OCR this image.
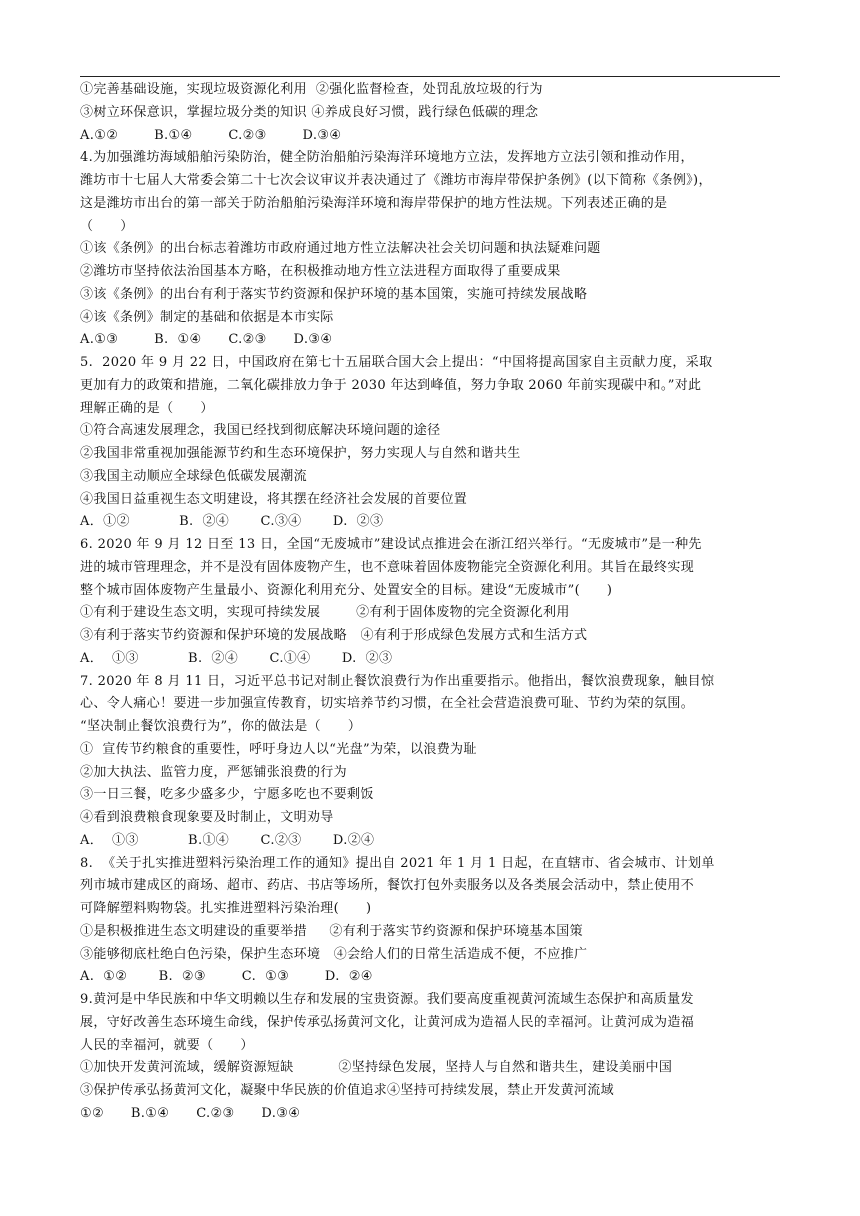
①完善基础设施，实现垃圾资源化利用  ②强化监督检查，处罚乱放垃圾的行为

③树立环保意识，掌握垃圾分类的知识 ④养成良好习惯，践行绿色低碳的理念

A.①②        B.①④        C.②③        D.③④

4.为加强潍坊海域船舶污染防治，健全防治船舶污染海洋环境地方立法，发挥地方立法引领和推动作用，

潍坊市十七届人大常委会第二十七次会议审议并表决通过了《潍坊市海岸带保护条例》(以下简称《条例》)，

这是潍坊市出台的第一部关于防治船舶污染海洋环境和海岸带保护的地方性法规。下列表述正确的是

（      ）

①该《条例》的出台标志着潍坊市政府通过地方性立法解决社会关切问题和执法疑难问题

②潍坊市坚持依法治国基本方略，在积极推动地方性立法进程方面取得了重要成果

③该《条例》的出台有利于落实节约资源和保护环境的基本国策，实施可持续发展战略

④该《条例》制定的基础和依据是本市实际

A.①③        B.  ①④      C.②③      D.③④

5.  2020 年 9 月 22 日，中国政府在第七十五届联合国大会上提出：“中国将提高国家自主贡献力度，采取

更加有力的政策和措施，二氧化碳排放力争于 2030 年达到峰值，努力争取 2060 年前实现碳中和。”对此

理解正确的是（      ）

①符合高速发展理念，我国已经找到彻底解决环境问题的途径

②我国非常重视加强能源节约和生态环境保护，努力实现人与自然和谐共生

③我国主动顺应全球绿色低碳发展潮流

④我国日益重视生态文明建设，将其摆在经济社会发展的首要位置

A．①②           B.  ②④       C.③④       D.  ②③

6. 2020 年 9 月 12 日至 13 日，全国“无废城市”建设试点推进会在浙江绍兴举行。“无废城市”是一种先

进的城市管理理念，并不是没有固体废物产生，也不意味着固体废物能完全资源化利用。其旨在最终实现

整个城市固体废物产生量最小、资源化利用充分、处置安全的目标。建设“无废城市”(      )

①有利于建设生态文明，实现可持续发展        ②有利于固体废物的完全资源化利用

③有利于落实节约资源和保护环境的发展战略   ④有利于形成绿色发展方式和生活方式

A．  ①③           B.  ②④       C.①④       D.  ②③

7. 2020 年 8 月 11 日，习近平总书记对制止餐饮浪费行为作出重要指示。他指出，餐饮浪费现象，触目惊

心、令人痛心！要进一步加强宣传教育，切实培养节约习惯，在全社会营造浪费可耻、节约为荣的氛围。

“坚决制止餐饮浪费行为”，你的做法是（      ）

①  宣传节约粮食的重要性，呼吁身边人以“光盘”为荣，以浪费为耻

②加大执法、监管力度，严惩铺张浪费的行为

③一日三餐，吃多少盛多少，宁愿多吃也不要剩饭

④看到浪费粮食现象要及时制止，文明劝导

A．  ①③           B.①④       C.②③       D.②④

8.  《关于扎实推进塑料污染治理工作的通知》提出自 2021 年 1 月 1 日起，在直辖市、省会城市、计划单

列市城市建成区的商场、超市、药店、书店等场所，餐饮打包外卖服务以及各类展会活动中，禁止使用不

可降解塑料购物袋。扎实推进塑料污染治理(      )

①是积极推进生态文明建设的重要举措     ②有利于落实节约资源和保护环境基本国策

③能够彻底杜绝白色污染，保护生态环境   ④会给人们的日常生活造成不便，不应推广

A.  ①②       B.  ②③        C.  ①③        D.  ②④

9.黄河是中华民族和中华文明赖以生存和发展的宝贵资源。我们要高度重视黄河流域生态保护和高质量发

展，守好改善生态环境生命线，保护传承弘扬黄河文化，让黄河成为造福人民的幸福河。让黄河成为造福

人民的幸福河，就要（      ）

①加快开发黄河流域，缓解资源短缺          ②坚持绿色发展，坚持人与自然和谐共生，建设美丽中国

③保护传承弘扬黄河文化，凝聚中华民族的价值追求④坚持可持续发展，禁止开发黄河流域

①②      B.①④      C.②③      D.③④
